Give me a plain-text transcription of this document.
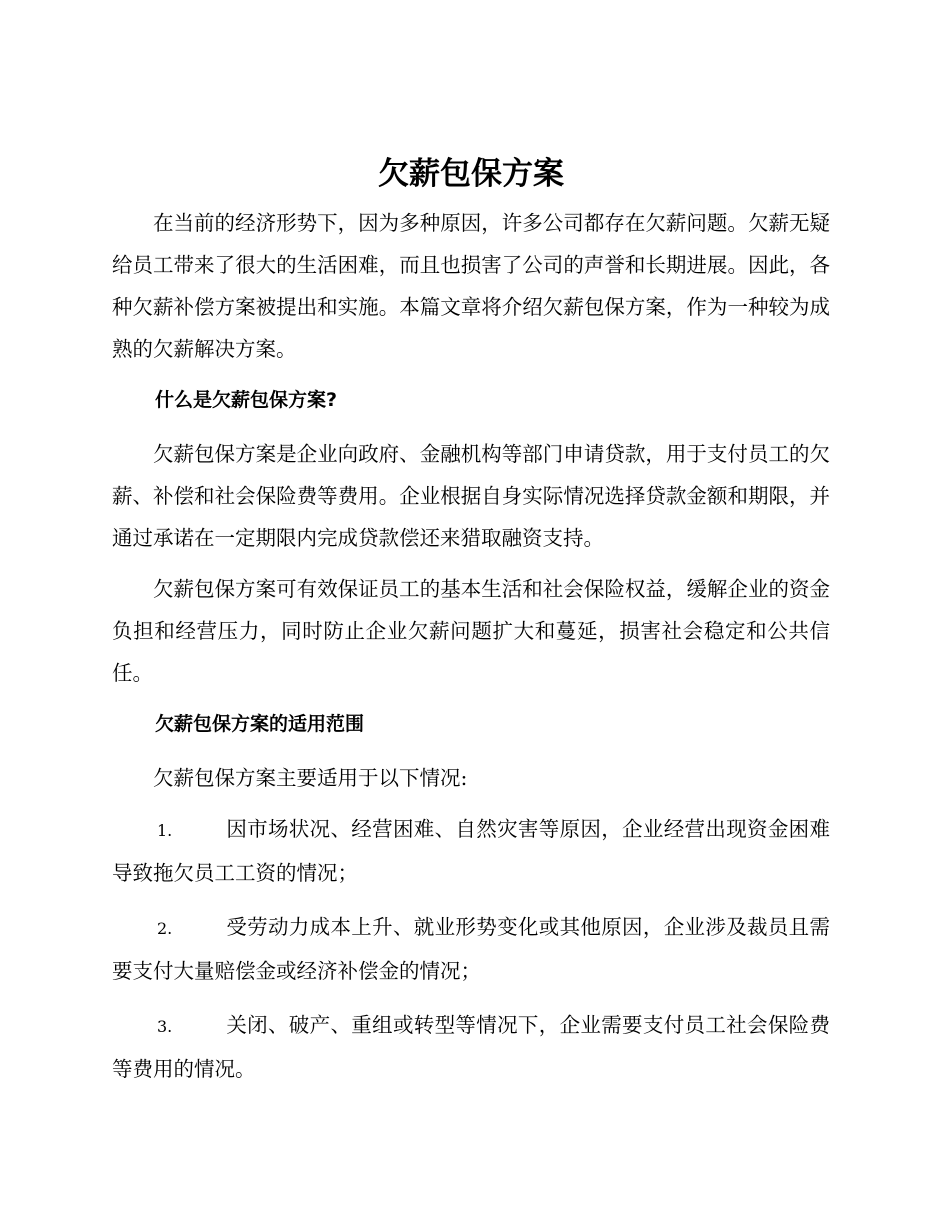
欠薪包保方案

在当前的经济形势下，因为多种原因，许多公司都存在欠薪问题。欠薪无疑给员工带来了很大的生活困难，而且也损害了公司的声誉和长期进展。因此，各种欠薪补偿方案被提出和实施。本篇文章将介绍欠薪包保方案，作为一种较为成熟的欠薪解决方案。

什么是欠薪包保方案?

欠薪包保方案是企业向政府、金融机构等部门申请贷款，用于支付员工的欠薪、补偿和社会保险费等费用。企业根据自身实际情况选择贷款金额和期限，并通过承诺在一定期限内完成贷款偿还来猎取融资支持。

欠薪包保方案可有效保证员工的基本生活和社会保险权益，缓解企业的资金负担和经营压力，同时防止企业欠薪问题扩大和蔓延，损害社会稳定和公共信任。

欠薪包保方案的适用范围

欠薪包保方案主要适用于以下情况:

1.	因市场状况、经营困难、自然灾害等原因，企业经营出现资金困难导致拖欠员工工资的情况；
2.	受劳动力成本上升、就业形势变化或其他原因，企业涉及裁员且需要支付大量赔偿金或经济补偿金的情况；
3.	关闭、破产、重组或转型等情况下，企业需要支付员工社会保险费等费用的情况。
